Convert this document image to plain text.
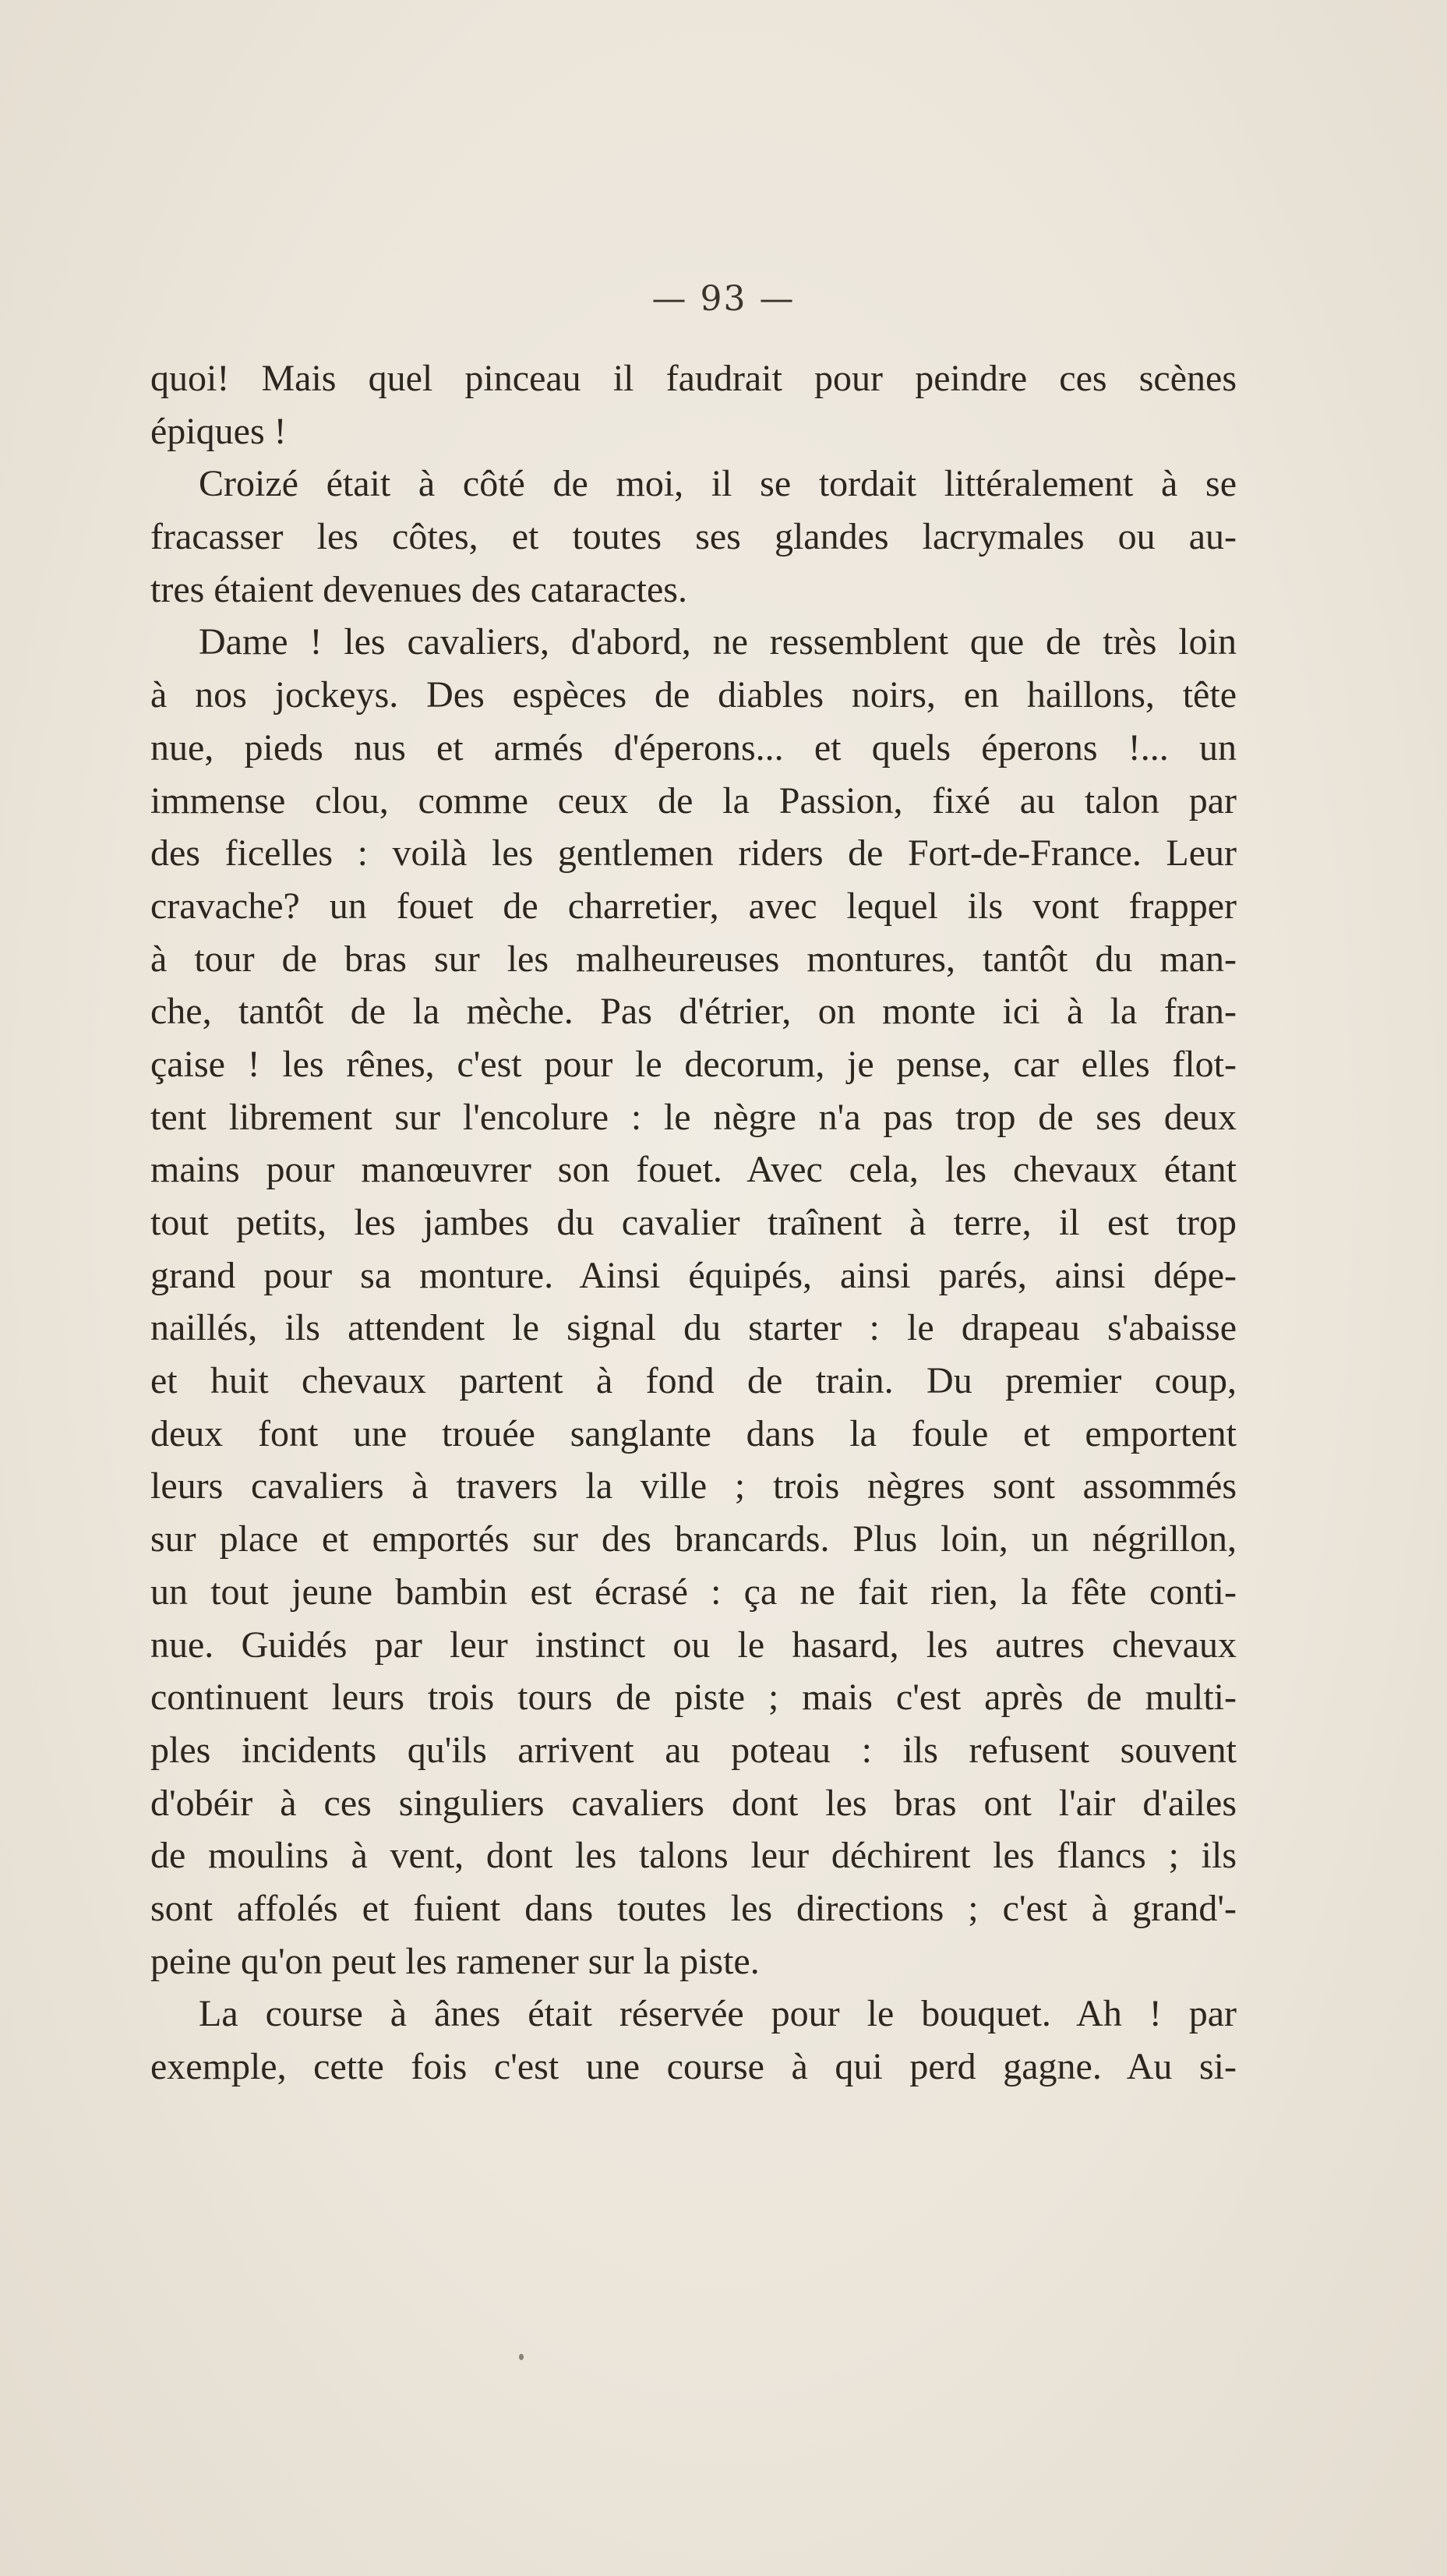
— 93 —
quoi! Mais quel pinceau il faudrait pour peindre ces scènes
épiques !
Croizé était à côté de moi, il se tordait littéralement à se
fracasser les côtes, et toutes ses glandes lacrymales ou au-
tres étaient devenues des cataractes.
Dame ! les cavaliers, d'abord, ne ressemblent que de très loin
à nos jockeys. Des espèces de diables noirs, en haillons, tête
nue, pieds nus et armés d'éperons... et quels éperons !... un
immense clou, comme ceux de la Passion, fixé au talon par
des ficelles : voilà les gentlemen riders de Fort-de-France. Leur
cravache? un fouet de charretier, avec lequel ils vont frapper
à tour de bras sur les malheureuses montures, tantôt du man-
che, tantôt de la mèche. Pas d'étrier, on monte ici à la fran-
çaise ! les rênes, c'est pour le decorum, je pense, car elles flot-
tent librement sur l'encolure : le nègre n'a pas trop de ses deux
mains pour manœuvrer son fouet. Avec cela, les chevaux étant
tout petits, les jambes du cavalier traînent à terre, il est trop
grand pour sa monture. Ainsi équipés, ainsi parés, ainsi dépe-
naillés, ils attendent le signal du starter : le drapeau s'abaisse
et huit chevaux partent à fond de train. Du premier coup,
deux font une trouée sanglante dans la foule et emportent
leurs cavaliers à travers la ville ; trois nègres sont assommés
sur place et emportés sur des brancards. Plus loin, un négrillon,
un tout jeune bambin est écrasé : ça ne fait rien, la fête conti-
nue. Guidés par leur instinct ou le hasard, les autres chevaux
continuent leurs trois tours de piste ; mais c'est après de multi-
ples incidents qu'ils arrivent au poteau : ils refusent souvent
d'obéir à ces singuliers cavaliers dont les bras ont l'air d'ailes
de moulins à vent, dont les talons leur déchirent les flancs ; ils
sont affolés et fuient dans toutes les directions ; c'est à grand'-
peine qu'on peut les ramener sur la piste.
La course à ânes était réservée pour le bouquet. Ah ! par
exemple, cette fois c'est une course à qui perd gagne. Au si-
